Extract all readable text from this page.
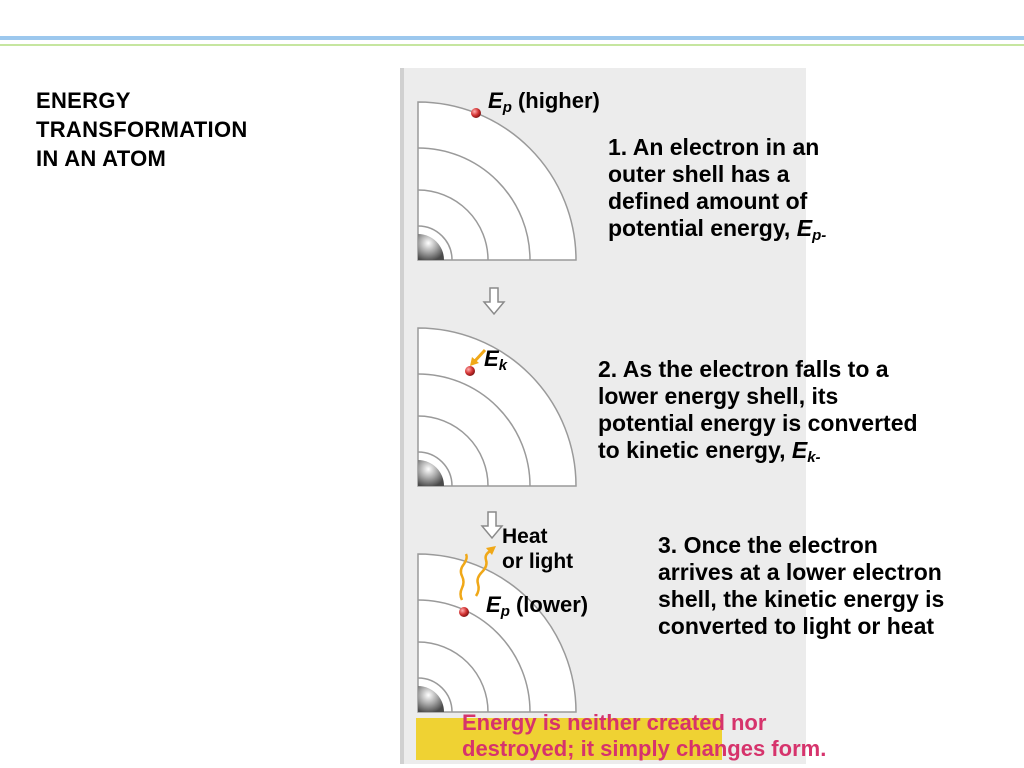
ENERGY
TRANSFORMATION
IN AN ATOM
$E_p$ (higher)
1. An electron in an
outer shell has a
defined amount of
potential energy, $E_{p-}$
$E_k$	2. As the electron falls to a
lower energy shell, its
potential energy is converted
to kinetic energy, $E_{k-}$
Heat
or light
$E_p$ (lower)
3. Once the electron
arrives at a lower electron
shell, the kinetic energy is
converted to light or heat
Energy is neither created nor
destroyed; it simply changes form.
